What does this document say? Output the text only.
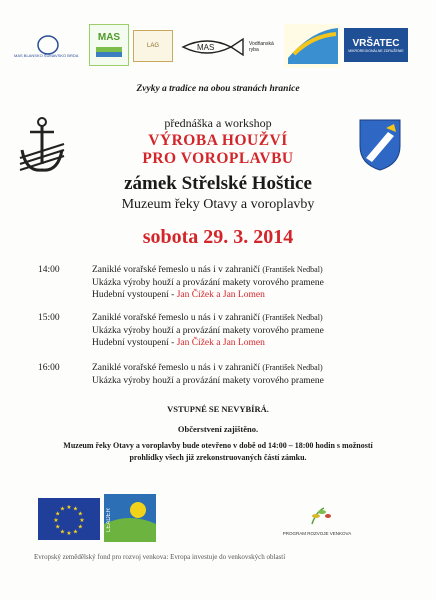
MAS BLANSKO ŠUMAVSKO BRDA
MAS
LAG	MAS	Vodňanská ryba
VRŠATEC
MIKROREGIONÁLNE ZDRUŽENIE
Zvyky a tradice na obou stranách hranice
přednáška a workshop
VÝROBA HOUŽVÍ
PRO VOROPLAVBU
zámek Střelské Hoštice
Muzeum řeky Otavy a voroplavby
sobota 29. 3. 2014
14:00	Zaniklé vorařské řemeslo u nás i v zahraničí (František Nedbal)
Ukázka výroby houží a provázání makety vorového pramene
Hudební vystoupení - Jan Čížek a Jan Lomen
15:00	Zaniklé vorařské řemeslo u nás i v zahraničí (František Nedbal)
Ukázka výroby houží a provázání makety vorového pramene
Hudební vystoupení - Jan Čížek a Jan Lomen
16:00	Zaniklé vorařské řemeslo u nás i v zahraničí (František Nedbal)
Ukázka výroby houží a provázání makety vorového pramene
VSTUPNÉ SE NEVYBÍRÁ.
Občerstvení zajištěno.
Muzeum řeky Otavy a voroplavby bude otevřeno v době od 14:00 – 18:00 hodin s možností
prohlídky všech již zrekonstruovaných částí zámku.
★ ★
★
★
★
★
★
★
★
★
★
★	LEADER
PROGRAM ROZVOJE VENKOVA
Evropský zemědělský fond pro rozvoj venkova: Evropa investuje do venkovských oblastí
